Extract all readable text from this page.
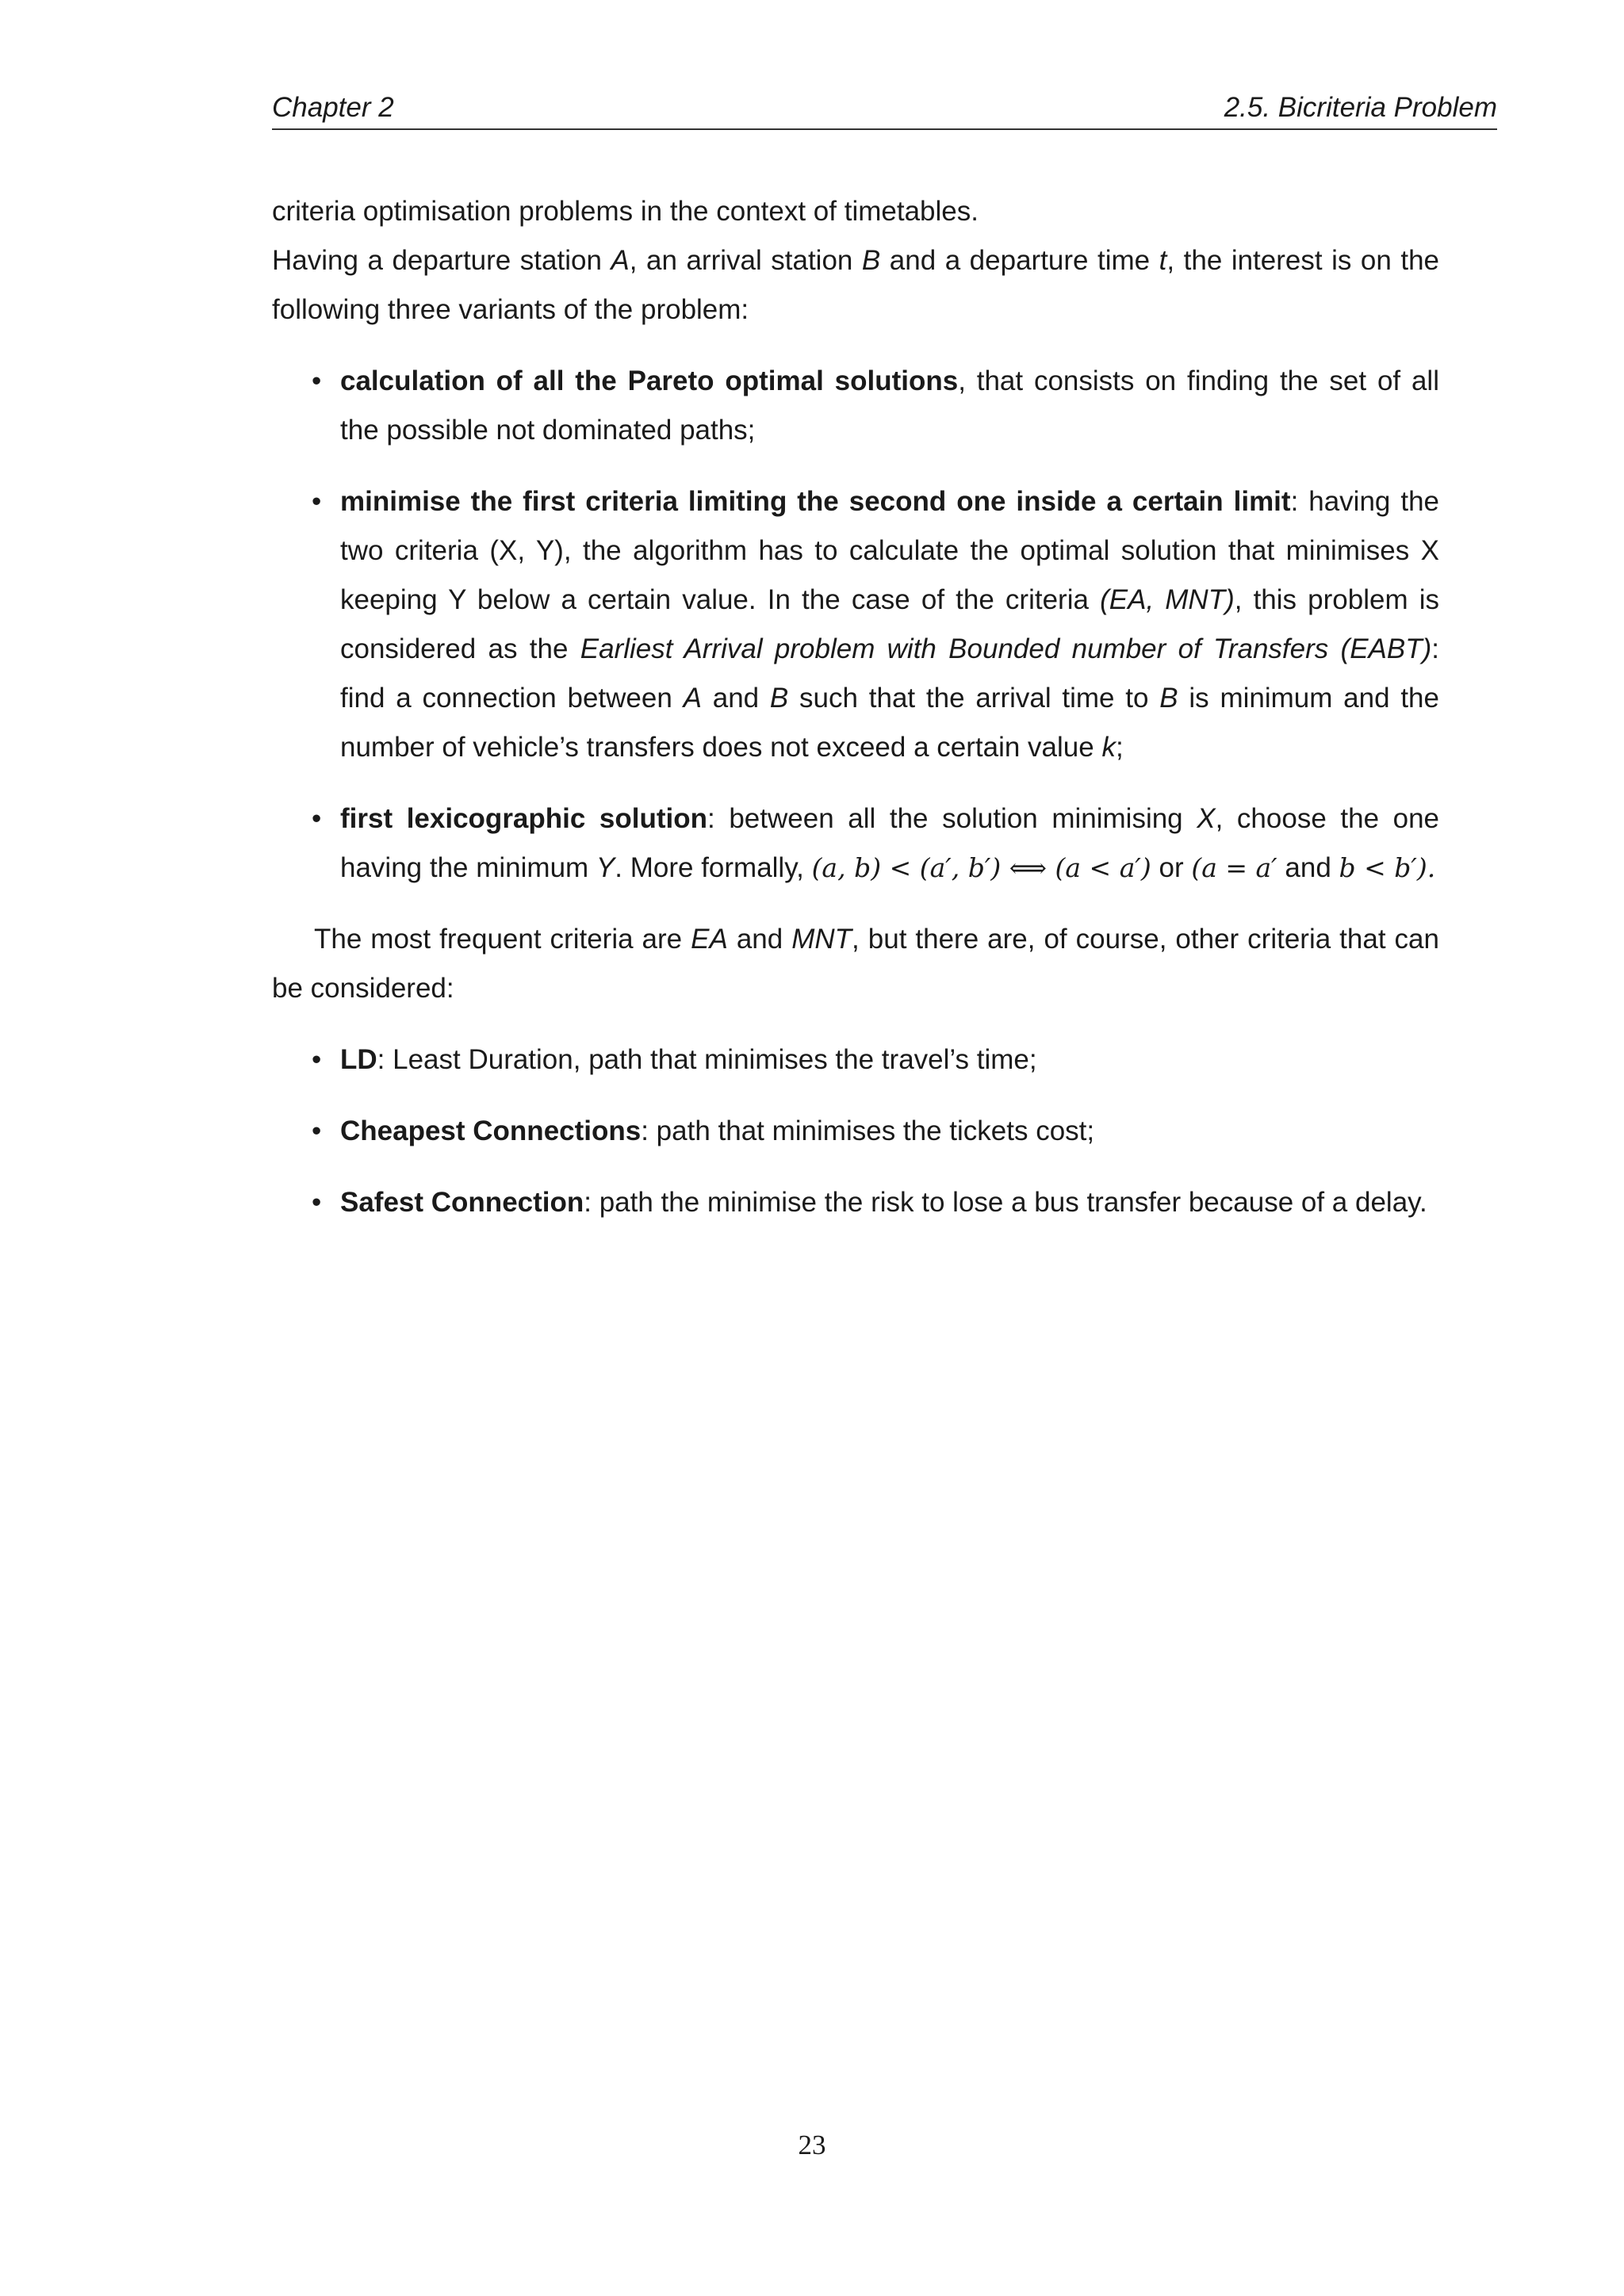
Chapter 2	2.5. Bicriteria Problem

criteria optimisation problems in the context of timetables.

Having a departure station A, an arrival station B and a departure time t, the interest is on the following three variants of the problem:

• calculation of all the Pareto optimal solutions, that consists on finding the set of all the possible not dominated paths;
• minimise the first criteria limiting the second one inside a certain limit: having the two criteria (X, Y), the algorithm has to calculate the optimal solution that minimises X keeping Y below a certain value. In the case of the criteria (EA, MNT), this problem is considered as the Earliest Arrival problem with Bounded number of Transfers (EABT): find a connection between A and B such that the arrival time to B is minimum and the number of vehicle’s transfers does not exceed a certain value k;
• first lexicographic solution: between all the solution minimising X, choose the one having the minimum Y. More formally, (a, b) < (a′, b′) ⟺ (a < a′) or (a = a′ and b < b′).

The most frequent criteria are EA and MNT, but there are, of course, other criteria that can be considered:

• LD: Least Duration, path that minimises the travel’s time;
• Cheapest Connections: path that minimises the tickets cost;
• Safest Connection: path the minimise the risk to lose a bus transfer because of a delay.
23
